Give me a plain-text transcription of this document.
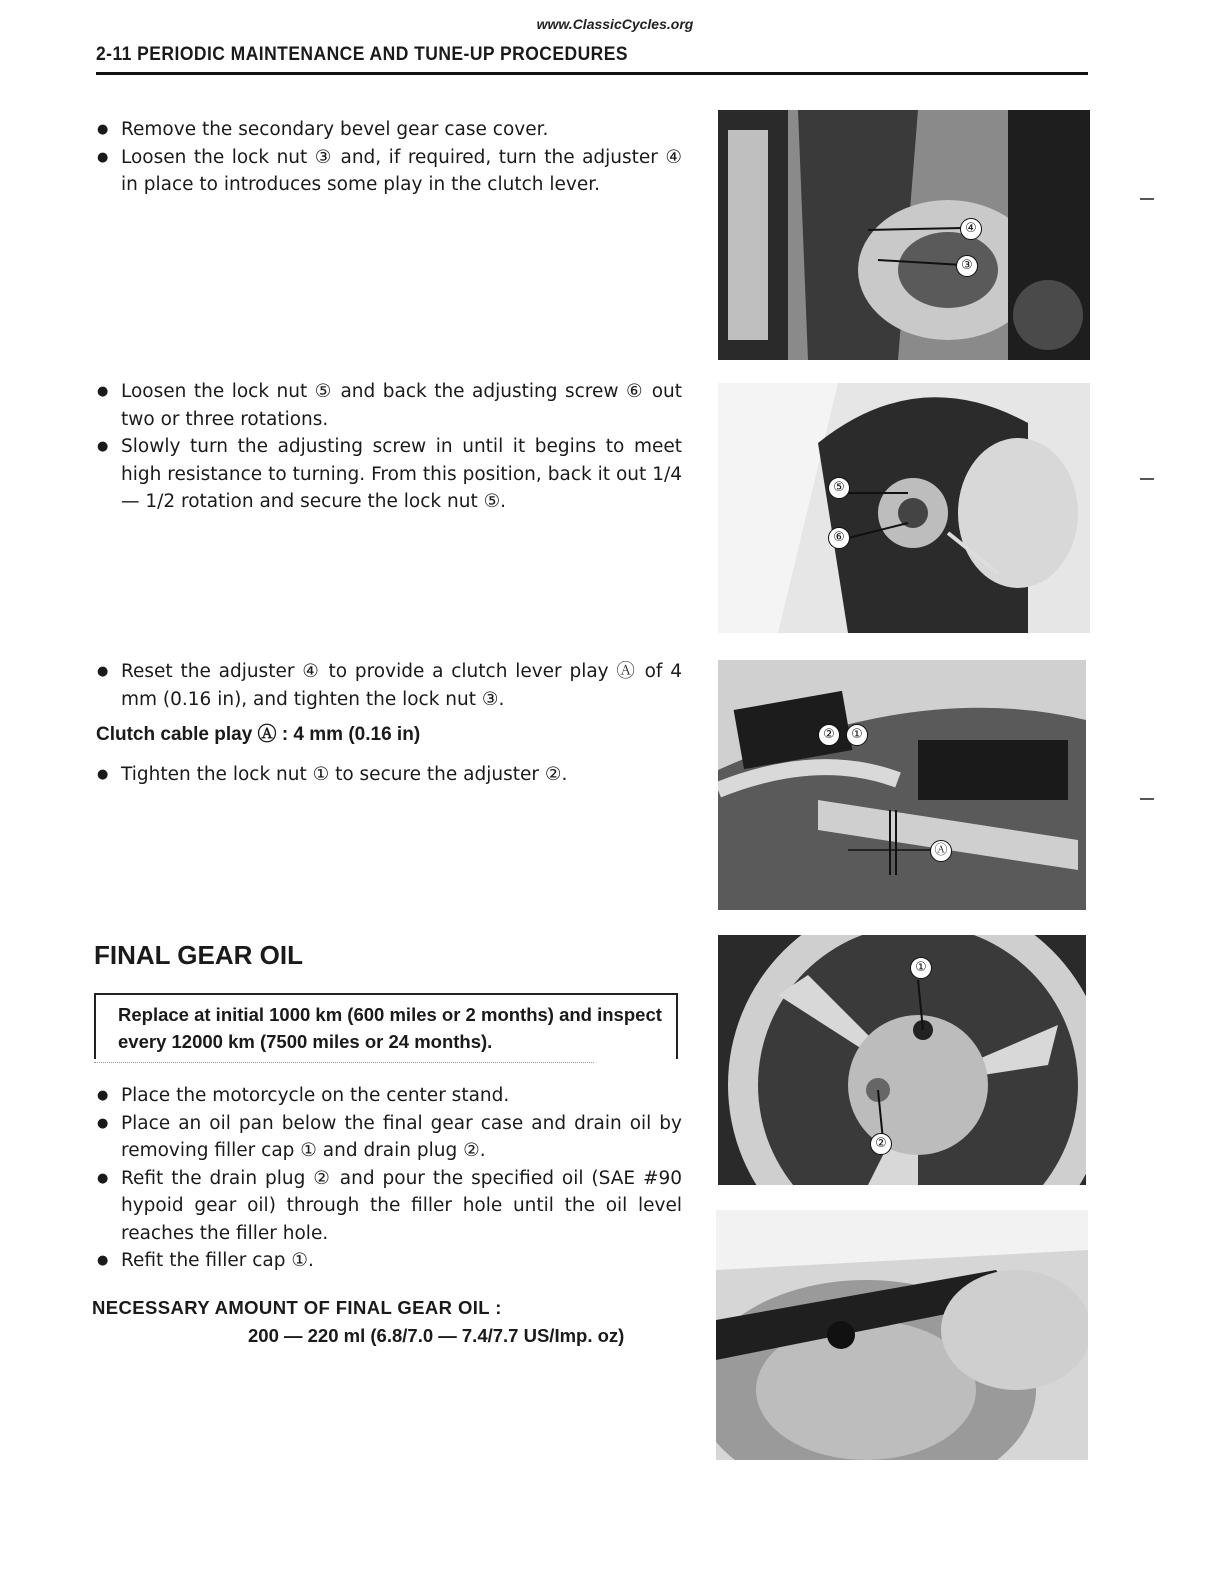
www.ClassicCycles.org
2-11 PERIODIC MAINTENANCE AND TUNE-UP PROCEDURES

● Remove the secondary bevel gear case cover.

● Loosen the lock nut ③ and, if required, turn the adjuster ④ in place to introduces some play in the clutch lever.

● Loosen the lock nut ⑤ and back the adjusting screw ⑥ out two or three rotations.

● Slowly turn the adjusting screw in until it begins to meet high resistance to turning. From this position, back it out 1/4 — 1/2 rotation and secure the lock nut ⑤.

● Reset the adjuster ④ to provide a clutch lever play Ⓐ of 4 mm (0.16 in), and tighten the lock nut ③.

Clutch cable play Ⓐ : 4 mm (0.16 in)

● Tighten the lock nut ① to secure the adjuster ②.

FINAL GEAR OIL
Replace at initial 1000 km (600 miles or 2 months) and inspect every 12000 km (7500 miles or 24 months).

● Place the motorcycle on the center stand.

● Place an oil pan below the final gear case and drain oil by removing filler cap ① and drain plug ②.

● Refit the drain plug ② and pour the specified oil (SAE #90 hypoid gear oil) through the filler hole until the oil level reaches the filler hole.

● Refit the filler cap ①.

NECESSARY AMOUNT OF FINAL GEAR OIL :
200 — 220 ml (6.8/7.0 — 7.4/7.7 US/Imp. oz)
④
③
⑤
⑥
②	①
Ⓐ
①
②
